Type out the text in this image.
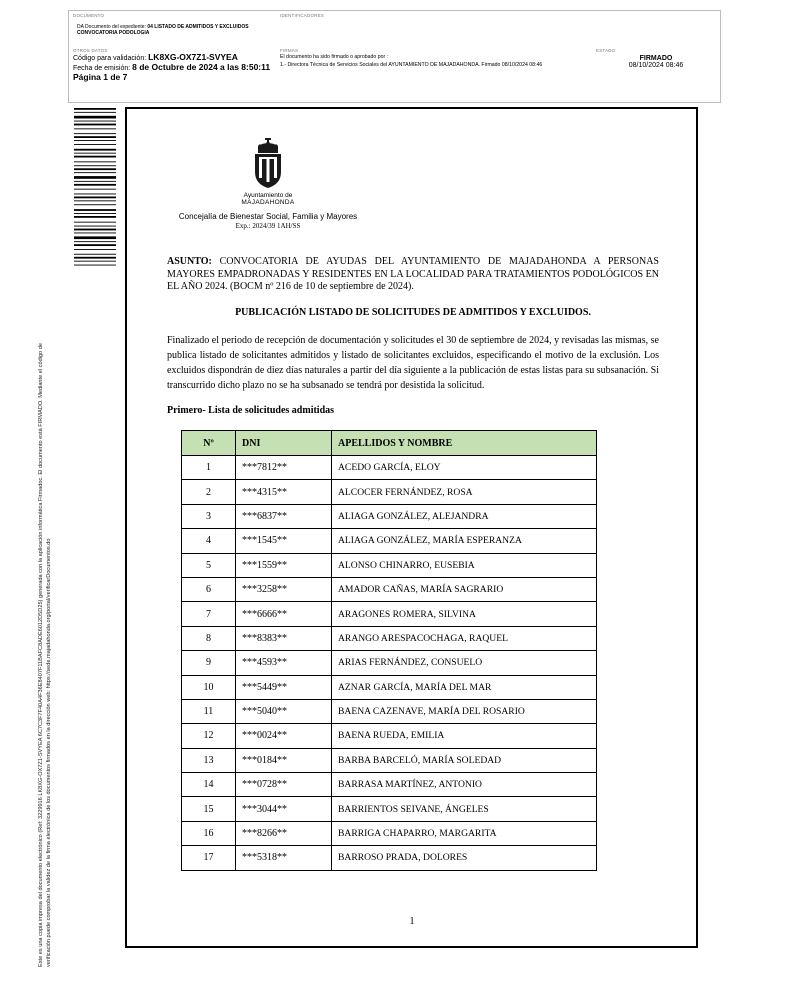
DOCUMENTO
DA Documento del expediente: 04 LISTADO DE ADMITIDOS Y EXCLUIDOS CONVOCATORIA PODOLOGIA
IDENTIFICADORES
OTROS DATOS
Código para validación: LK8XG-OX7Z1-SVYEA
Fecha de emisión: 8 de Octubre de 2024 a las 8:50:11
Página 1 de 7
FIRMAS
El documento ha sido firmado o aprobado por :
1.- Directora Técnica de Servicios Sociales del AYUNTAMIENTO DE MAJADAHONDA. Firmado 08/10/2024 08:46
ESTADO
FIRMADO
08/10/2024 08:46
Este es una copia impresa del documento electrónico (Ref: 3229916 LK8XG-OX7Z1-SVYEA 6C7C3F7F40A4F36E8407F11BAFC8ADE6012D5D25) generada con la aplicación informática Firmadoc. El documento está FIRMADO. Mediante el código de verificación puede comprobar la validez de la firma electrónica de los documentos firmados en la dirección web: https://sede.majadahonda.org/portal/verificarDocumentos.do
Ayuntamiento de
MAJADAHONDA
Concejalía de Bienestar Social, Familia y Mayores
Exp.: 2024/39 1AH/SS
ASUNTO: CONVOCATORIA DE AYUDAS DEL AYUNTAMIENTO DE MAJADAHONDA A PERSONAS MAYORES EMPADRONADAS Y RESIDENTES EN LA LOCALIDAD PARA TRATAMIENTOS PODOLÓGICOS EN EL AÑO 2024. (BOCM nº 216 de 10 de septiembre de 2024).
PUBLICACIÓN LISTADO DE SOLICITUDES DE ADMITIDOS Y EXCLUIDOS.
Finalizado el periodo de recepción de documentación y solicitudes el 30 de septiembre de 2024, y revisadas las mismas, se publica listado de solicitantes admitidos y listado de solicitantes excluidos, especificando el motivo de la exclusión. Los excluidos dispondrán de diez días naturales a partir del día siguiente a la publicación de estas listas para su subsanación. Si transcurrido dicho plazo no se ha subsanado se tendrá por desistida la solicitud.
Primero- Lista de solicitudes admitidas
Nº	DNI	APELLIDOS Y NOMBRE
1	***7812**	ACEDO GARCÍA, ELOY
2	***4315**	ALCOCER FERNÁNDEZ, ROSA
3	***6837**	ALIAGA GONZÁLEZ, ALEJANDRA
4	***1545**	ALIAGA GONZÁLEZ, MARÍA ESPERANZA
5	***1559**	ALONSO CHINARRO, EUSEBIA
6	***3258**	AMADOR CAÑAS, MARÍA SAGRARIO
7	***6666**	ARAGONES ROMERA, SILVINA
8	***8383**	ARANGO ARESPACOCHAGA, RAQUEL
9	***4593**	ARIAS FERNÁNDEZ, CONSUELO
10	***5449**	AZNAR GARCÍA, MARÍA DEL MAR
11	***5040**	BAENA CAZENAVE, MARÍA DEL ROSARIO
12	***0024**	BAENA RUEDA, EMILIA
13	***0184**	BARBA BARCELÓ, MARÍA SOLEDAD
14	***0728**	BARRASA MARTÍNEZ, ANTONIO
15	***3044**	BARRIENTOS SEIVANE, ÁNGELES
16	***8266**	BARRIGA CHAPARRO, MARGARITA
17	***5318**	BARROSO PRADA, DOLORES
1
